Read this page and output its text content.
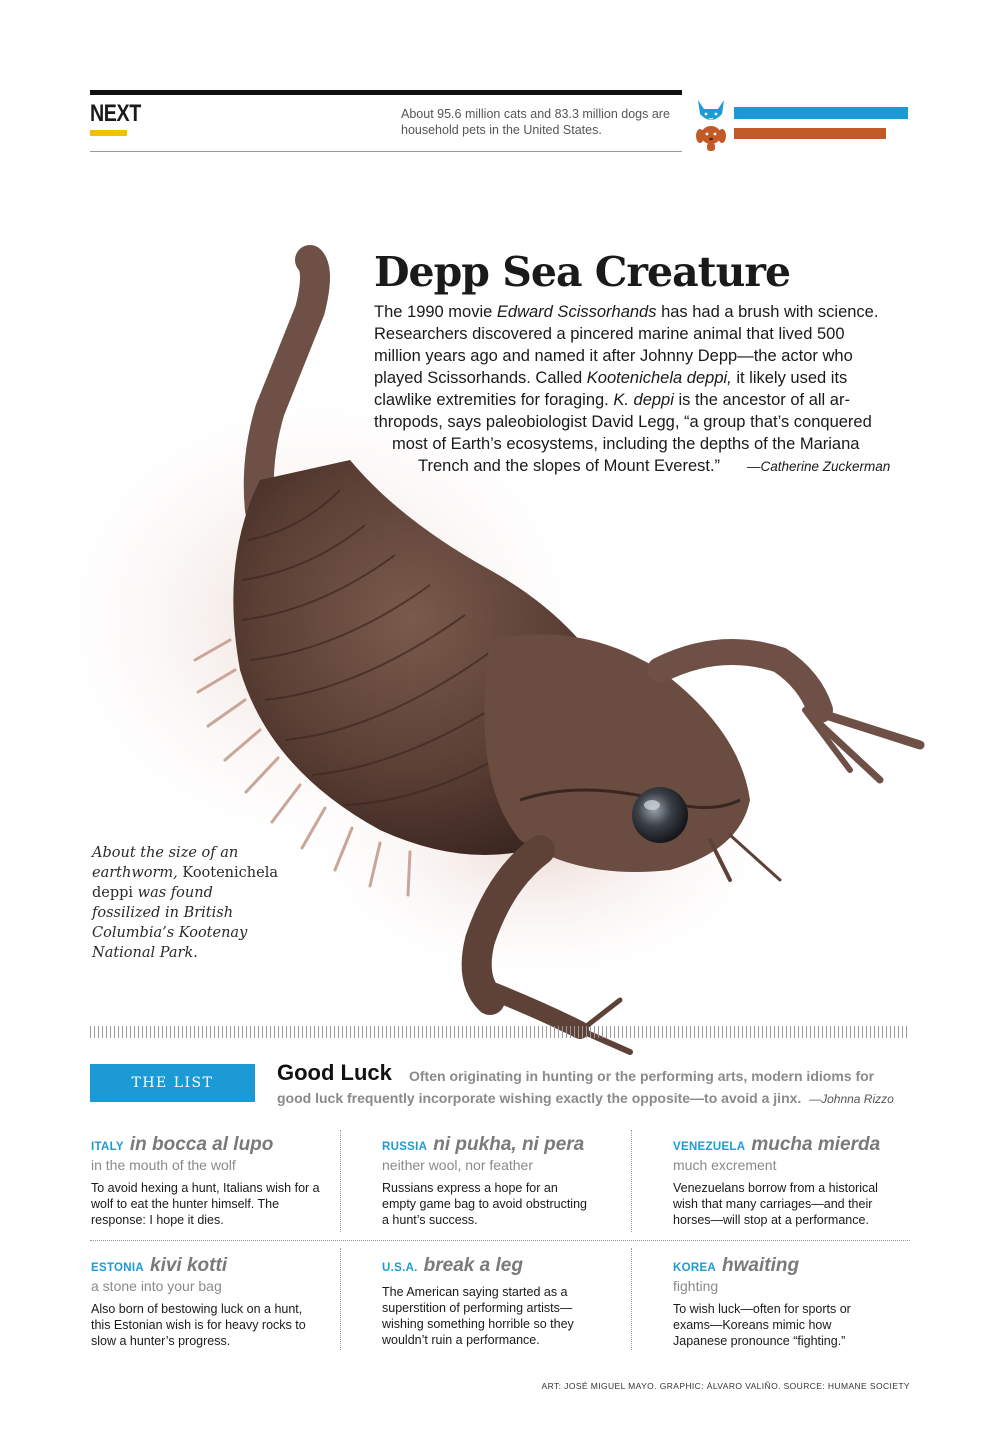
NEXT	About 95.6 million cats and 83.3 million dogs are household pets in the United States.
Depp Sea Creature
The 1990 movie Edward Scissorhands has had a brush with science.
Researchers discovered a pincered marine animal that lived 500
million years ago and named it after Johnny Depp—the actor who
played Scissorhands. Called Kootenichela deppi, it likely used its
clawlike extremities for foraging. K. deppi is the ancestor of all ar-
thropods, says paleobiologist David Legg, “a group that’s conquered
most of Earth’s ecosystems, including the depths of the Mariana
Trench and the slopes of Mount Everest.” —Catherine Zuckerman
About the size of an earthworm, Kootenichela deppi was found fossilized in British Columbia’s Kootenay National Park.
THE LIST	Good Luck Often originating in hunting or the performing arts, modern idioms for
good luck frequently incorporate wishing exactly the opposite—to avoid a jinx. —Johnna Rizzo
ITALY in bocca al lupo
in the mouth of the wolf
To avoid hexing a hunt, Italians wish for a wolf to eat the hunter himself. The response: I hope it dies.
RUSSIA ni pukha, ni pera
neither wool, nor feather
Russians express a hope for an empty game bag to avoid obstructing a hunt’s success.
VENEZUELA mucha mierda
much excrement
Venezuelans borrow from a historical wish that many carriages—and their horses—will stop at a performance.
ESTONIA kivi kotti
a stone into your bag
Also born of bestowing luck on a hunt, this Estonian wish is for heavy rocks to slow a hunter’s progress.
U.S.A. break a leg
The American saying started as a superstition of performing artists—wishing something horrible so they wouldn’t ruin a performance.
KOREA hwaiting
fighting
To wish luck—often for sports or exams—Koreans mimic how Japanese pronounce “fighting.”
ART: JOSÉ MIGUEL MAYO. GRAPHIC: ÁLVARO VALIÑO. SOURCE: HUMANE SOCIETY
